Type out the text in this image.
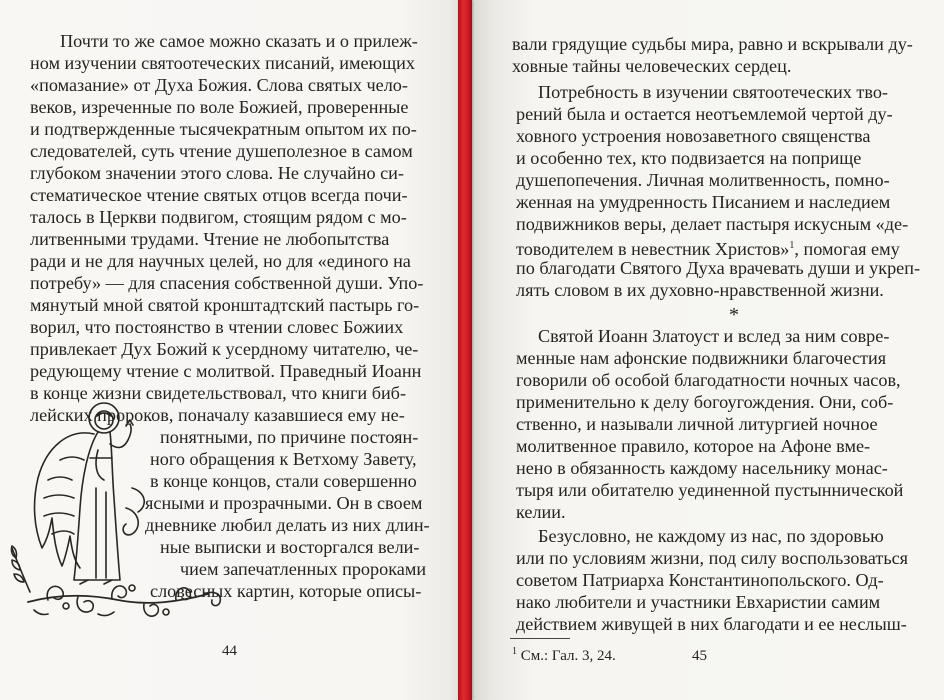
Почти то же самое можно сказать и о прилеж-
ном изучении святоотеческих писаний, имеющих
«помазание» от Духа Божия. Слова святых чело-
веков, изреченные по воле Божией, проверенные
и подтвержденные тысячекратным опытом их по-
следователей, суть чтение душеполезное в самом
глубоком значении этого слова. Не случайно си-
стематическое чтение святых отцов всегда почи-
талось в Церкви подвигом, стоящим рядом с мо-
литвенными трудами. Чтение не любопытства
ради и не для научных целей, но для «единого на
потребу» — для спасения собственной души. Упо-
мянутый мной святой кронштадтский пастырь го-
ворил, что постоянство в чтении словес Божиих
привлекает Дух Божий к усердному читателю, че-
редующему чтение с молитвой. Праведный Иоанн
в конце жизни свидетельствовал, что книги биб-
лейских пророков, поначалу казавшиеся ему не-
понятными, по причине постоян-
ного обращения к Ветхому Завету,
в конце концов, стали совершенно
ясными и прозрачными. Он в своем
дневнике любил делать из них длин-
ные выписки и восторгался вели-
чием запечатленных пророками
словесных картин, которые описы-
44
вали грядущие судьбы мира, равно и вскрывали ду-
ховные тайны человеческих сердец.
Потребность в изучении святоотеческих тво-
рений была и остается неотъемлемой чертой ду-
ховного устроения новозаветного священства
и особенно тех, кто подвизается на поприще
душепопечения. Личная молитвенность, помно-
женная на умудренность Писанием и наследием
подвижников веры, делает пастыря искусным «де-
товодителем в невестник Христов»$^1$, помогая ему
по благодати Святого Духа врачевать души и укреп-
лять словом в их духовно-нравственной жизни.
*
Святой Иоанн Златоуст и вслед за ним совре-
менные нам афонские подвижники благочестия
говорили об особой благодатности ночных часов,
применительно к делу богоугождения. Они, соб-
ственно, и называли личной литургией ночное
молитвенное правило, которое на Афоне вме-
нено в обязанность каждому насельнику монас-
тыря или обитателю уединенной пустыннической
келии.
Безусловно, не каждому из нас, по здоровью
или по условиям жизни, под силу воспользоваться
советом Патриарха Константинопольского. Од-
нако любители и участники Евхаристии самим
действием живущей в них благодати и ее неслыш-
$^1$ См.: Гал. 3, 24.	45
